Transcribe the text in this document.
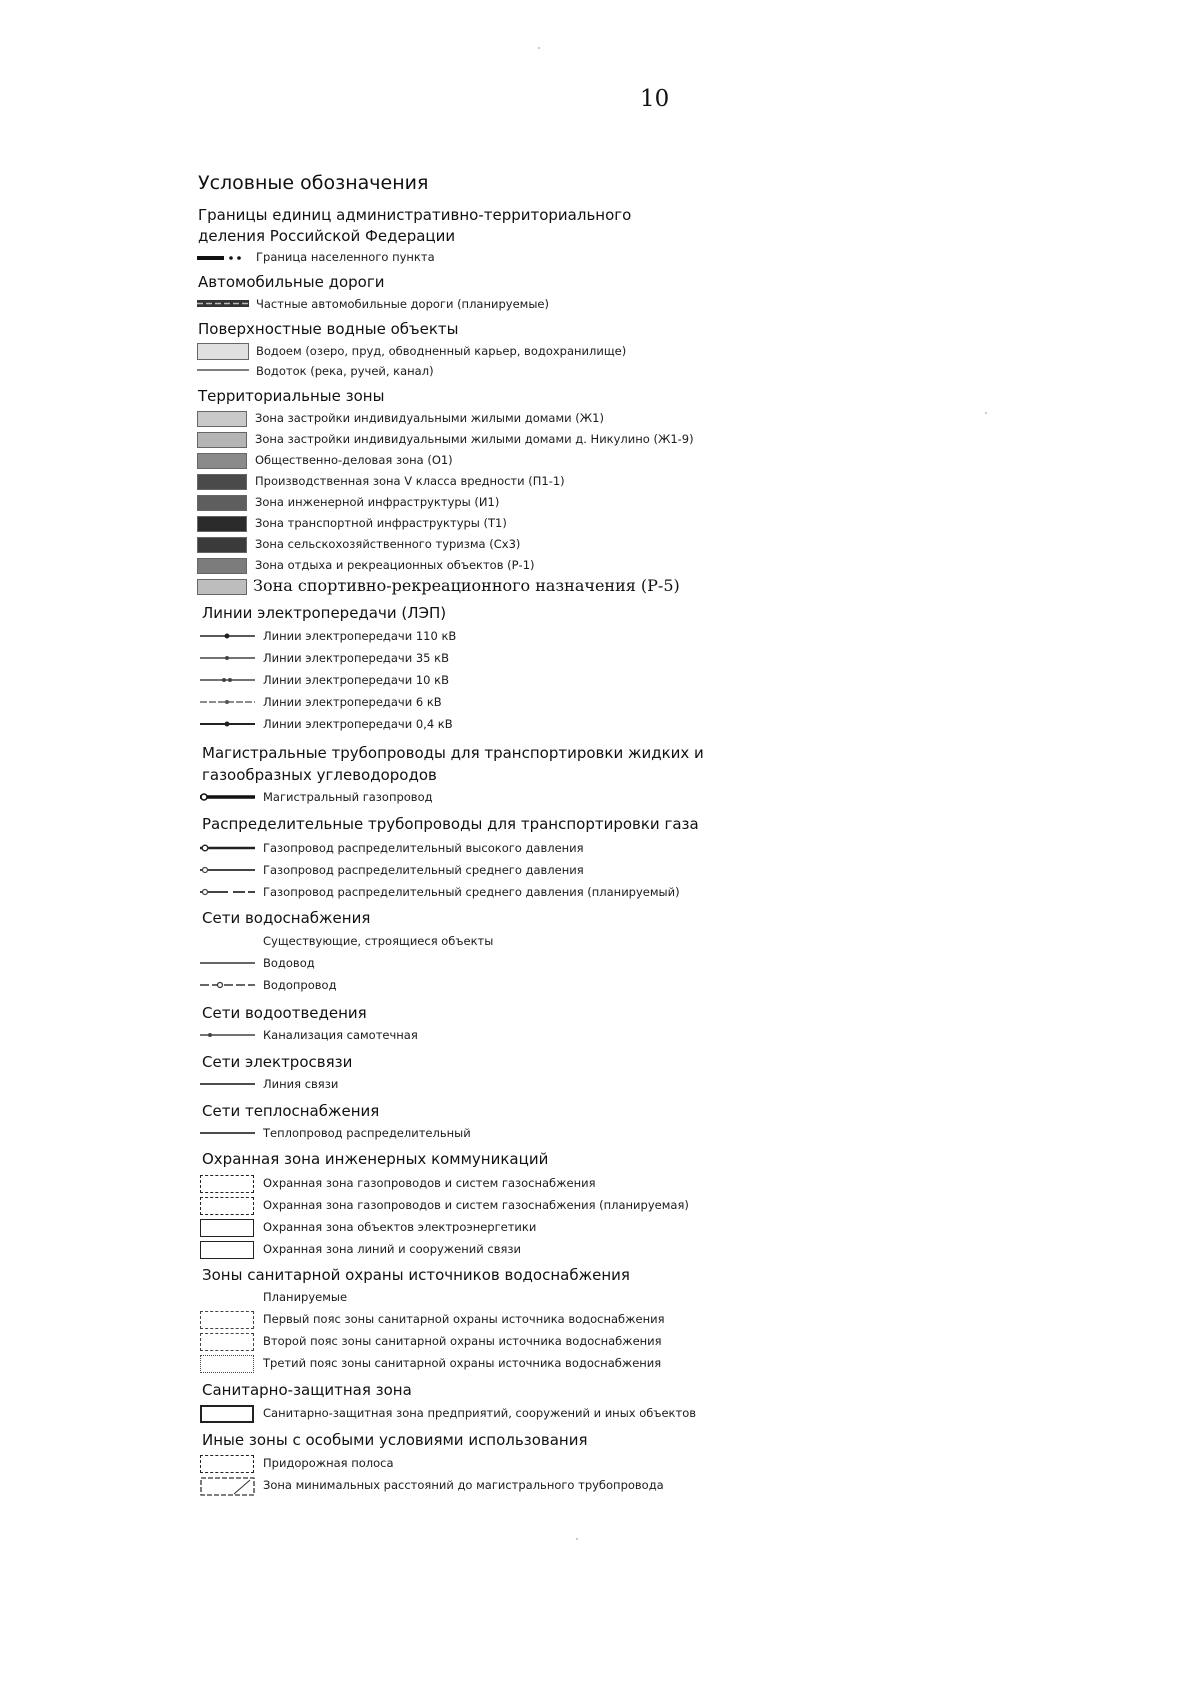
10
Условные обозначения
Границы единиц административно-территориального
деления Российской Федерации
Граница населенного пункта
Автомобильные дороги
Частные автомобильные дороги (планируемые)
Поверхностные водные объекты
Водоем (озеро, пруд, обводненный карьер, водохранилище)
Водоток (река, ручей, канал)
Территориальные зоны
Зона застройки индивидуальными жилыми домами (Ж1)
Зона застройки индивидуальными жилыми домами д. Никулино (Ж1-9)
Общественно-деловая зона (О1)
Производственная зона V класса вредности (П1-1)
Зона инженерной инфраструктуры (И1)
Зона транспортной инфраструктуры (Т1)
Зона сельскохозяйственного туризма (Сх3)
Зона отдыха и рекреационных объектов (Р-1)
Зона спортивно-рекреационного назначения (Р-5)
Линии электропередачи (ЛЭП)
Линии электропередачи 110 кВ
Линии электропередачи 35 кВ
Линии электропередачи 10 кВ
Линии электропередачи 6 кВ
Линии электропередачи 0,4 кВ
Магистральные трубопроводы для транспортировки жидких и
газообразных углеводородов
Магистральный газопровод
Распределительные трубопроводы для транспортировки газа
Газопровод распределительный высокого давления
Газопровод распределительный среднего давления
Газопровод распределительный среднего давления (планируемый)
Сети водоснабжения
Существующие, строящиеся объекты
Водовод
Водопровод
Сети водоотведения
Канализация самотечная
Сети электросвязи
Линия связи
Сети теплоснабжения
Теплопровод распределительный
Охранная зона инженерных коммуникаций
Охранная зона газопроводов и систем газоснабжения
Охранная зона газопроводов и систем газоснабжения (планируемая)
Охранная зона объектов электроэнергетики
Охранная зона линий и сооружений связи
Зоны санитарной охраны источников водоснабжения
Планируемые
Первый пояс зоны санитарной охраны источника водоснабжения
Второй пояс зоны санитарной охраны источника водоснабжения
Третий пояс зоны санитарной охраны источника водоснабжения
Санитарно-защитная зона
Санитарно-защитная зона предприятий, сооружений и иных объектов
Иные зоны с особыми условиями использования
Придорожная полоса
Зона минимальных расстояний до магистрального трубопровода
